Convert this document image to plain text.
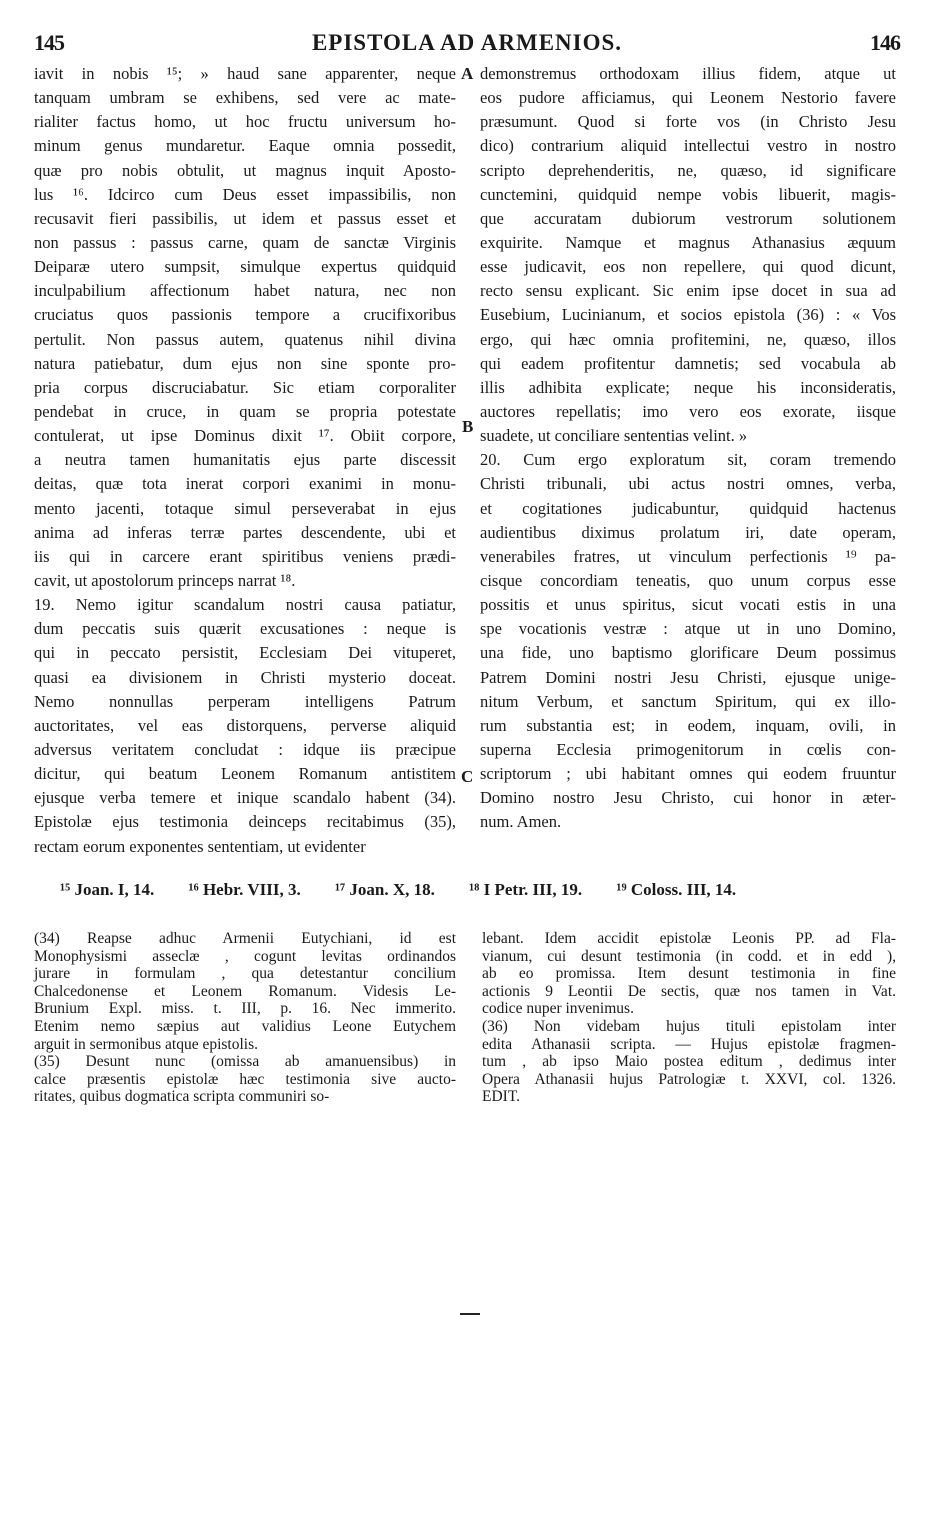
145	EPISTOLA AD ARMENIOS.	146
iavit in nobis ¹⁵; » haud sane apparenter, neque
tanquam umbram se exhibens, sed vere ac mate-
rialiter factus homo, ut hoc fructu universum ho-
minum genus mundaretur. Eaque omnia possedit,
quæ pro nobis obtulit, ut magnus inquit Aposto-
lus ¹⁶. Idcirco cum Deus esset impassibilis, non
recusavit fieri passibilis, ut idem et passus esset et
non passus : passus carne, quam de sanctæ Virginis
Deiparæ utero sumpsit, simulque expertus quidquid
inculpabilium affectionum habet natura, nec non
cruciatus quos passionis tempore a crucifixoribus
pertulit. Non passus autem, quatenus nihil divina
natura patiebatur, dum ejus non sine sponte pro-
pria corpus discruciabatur. Sic etiam corporaliter
pendebat in cruce, in quam se propria potestate
contulerat, ut ipse Dominus dixit ¹⁷. Obiit corpore,
a neutra tamen humanitatis ejus parte discessit
deitas, quæ tota inerat corpori exanimi in monu-
mento jacenti, totaque simul perseverabat in ejus
anima ad inferas terræ partes descendente, ubi et
iis qui in carcere erant spiritibus veniens prædi-
cavit, ut apostolorum princeps narrat ¹⁸.
19. Nemo igitur scandalum nostri causa patiatur,
dum peccatis suis quærit excusationes : neque is
qui in peccato persistit, Ecclesiam Dei vituperet,
quasi ea divisionem in Christi mysterio doceat.
Nemo nonnullas perperam intelligens Patrum
auctoritates, vel eas distorquens, perverse aliquid
adversus veritatem concludat : idque iis præcipue
dicitur, qui beatum Leonem Romanum antistitem
ejusque verba temere et inique scandalo habent (34).
Epistolæ ejus testimonia deinceps recitabimus (35),
rectam eorum exponentes sententiam, ut evidenter
demonstremus orthodoxam illius fidem, atque ut
eos pudore afficiamus, qui Leonem Nestorio favere
præsumunt. Quod si forte vos (in Christo Jesu
dico) contrarium aliquid intellectui vestro in nostro
scripto deprehenderitis, ne, quæso, id significare
cunctemini, quidquid nempe vobis libuerit, magis-
que accuratam dubiorum vestrorum solutionem
exquirite. Namque et magnus Athanasius æquum
esse judicavit, eos non repellere, qui quod dicunt,
recto sensu explicant. Sic enim ipse docet in sua ad
Eusebium, Lucinianum, et socios epistola (36) : « Vos
ergo, qui hæc omnia profitemini, ne, quæso, illos
qui eadem profitentur damnetis; sed vocabula ab
illis adhibita explicate; neque his inconsideratis,
auctores repellatis; imo vero eos exorate, iisque
suadete, ut conciliare sententias velint. »
20. Cum ergo exploratum sit, coram tremendo
Christi tribunali, ubi actus nostri omnes, verba,
et cogitationes judicabuntur, quidquid hactenus
audientibus diximus prolatum iri, date operam,
venerabiles fratres, ut vinculum perfectionis ¹⁹ pa-
cisque concordiam teneatis, quo unum corpus esse
possitis et unus spiritus, sicut vocati estis in una
spe vocationis vestræ : atque ut in uno Domino,
una fide, uno baptismo glorificare Deum possimus
Patrem Domini nostri Jesu Christi, ejusque unige-
nitum Verbum, et sanctum Spiritum, qui ex illo-
rum substantia est; in eodem, inquam, ovili, in
superna Ecclesia primogenitorum in cœlis con-
scriptorum ; ubi habitant omnes qui eodem fruuntur
Domino nostro Jesu Christo, cui honor in æter-
num. Amen.
A
B
C
¹⁵ Joan. I, 14. ¹⁶ Hebr. VIII, 3. ¹⁷ Joan. X, 18. ¹⁸ I Petr. III, 19. ¹⁹ Coloss. III, 14.
(34) Reapse adhuc Armenii Eutychiani, id est
Monophysismi asseclæ , cogunt levitas ordinandos
jurare in formulam , qua detestantur concilium
Chalcedonense et Leonem Romanum. Videsis Le-
Brunium Expl. miss. t. III, p. 16. Nec immerito.
Etenim nemo sæpius aut validius Leone Eutychem
arguit in sermonibus atque epistolis.
(35) Desunt nunc (omissa ab amanuensibus) in
calce præsentis epistolæ hæc testimonia sive aucto-
ritates, quibus dogmatica scripta communiri so-
lebant. Idem accidit epistolæ Leonis PP. ad Fla-
vianum, cui desunt testimonia (in codd. et in edd ),
ab eo promissa. Item desunt testimonia in fine
actionis 9 Leontii De sectis, quæ nos tamen in Vat.
codice nuper invenimus.
(36) Non videbam hujus tituli epistolam inter
edita Athanasii scripta. — Hujus epistolæ fragmen-
tum , ab ipso Maio postea editum , dedimus inter
Opera Athanasii hujus Patrologiæ t. XXVI, col. 1326.
EDIT.
